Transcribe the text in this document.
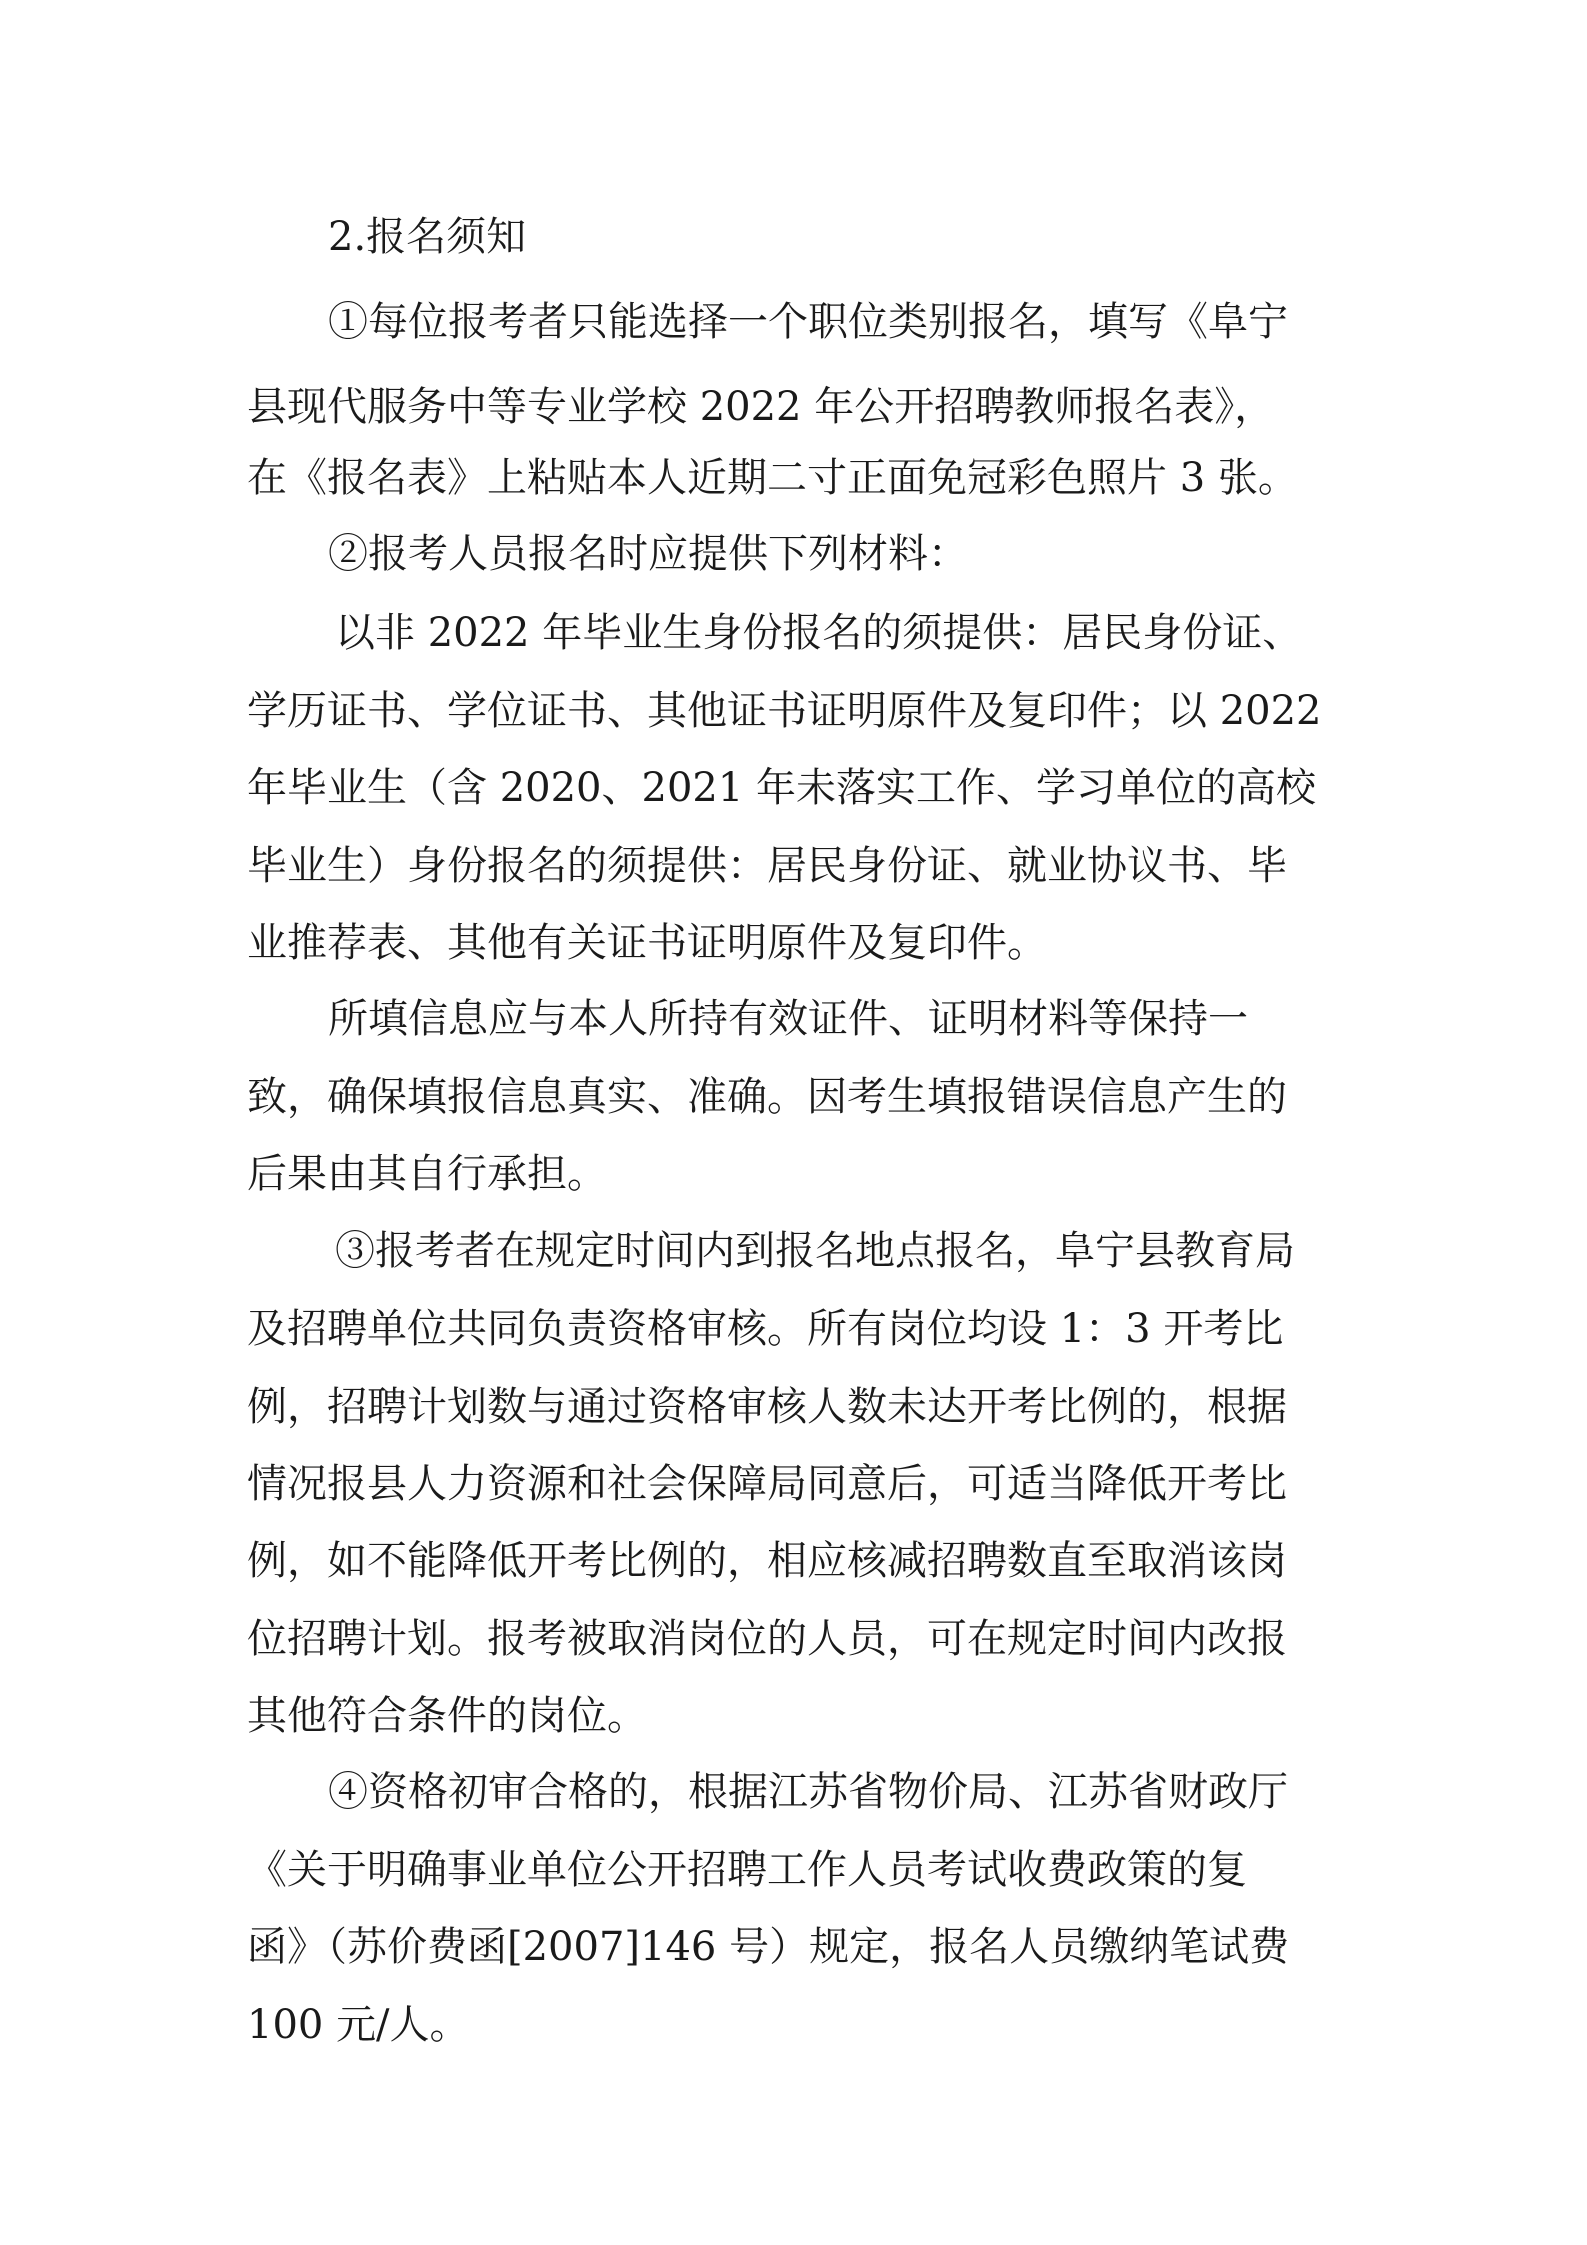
2.报名须知
①每位报考者只能选择一个职位类别报名，填写《阜宁
县现代服务中等专业学校 2022 年公开招聘教师报名表》，
在《报名表》上粘贴本人近期二寸正面免冠彩色照片 3 张。
②报考人员报名时应提供下列材料：
以非 2022 年毕业生身份报名的须提供：居民身份证、
学历证书、学位证书、其他证书证明原件及复印件；以 2022
年毕业生（含 2020、2021 年未落实工作、学习单位的高校
毕业生）身份报名的须提供：居民身份证、就业协议书、毕
业推荐表、其他有关证书证明原件及复印件。
所填信息应与本人所持有效证件、证明材料等保持一
致，确保填报信息真实、准确。因考生填报错误信息产生的
后果由其自行承担。
③报考者在规定时间内到报名地点报名，阜宁县教育局
及招聘单位共同负责资格审核。所有岗位均设 1：3 开考比
例，招聘计划数与通过资格审核人数未达开考比例的，根据
情况报县人力资源和社会保障局同意后，可适当降低开考比
例，如不能降低开考比例的，相应核减招聘数直至取消该岗
位招聘计划。报考被取消岗位的人员，可在规定时间内改报
其他符合条件的岗位。
④资格初审合格的，根据江苏省物价局、江苏省财政厅
《关于明确事业单位公开招聘工作人员考试收费政策的复
函》（苏价费函[2007]146 号）规定，报名人员缴纳笔试费
100 元/人。
